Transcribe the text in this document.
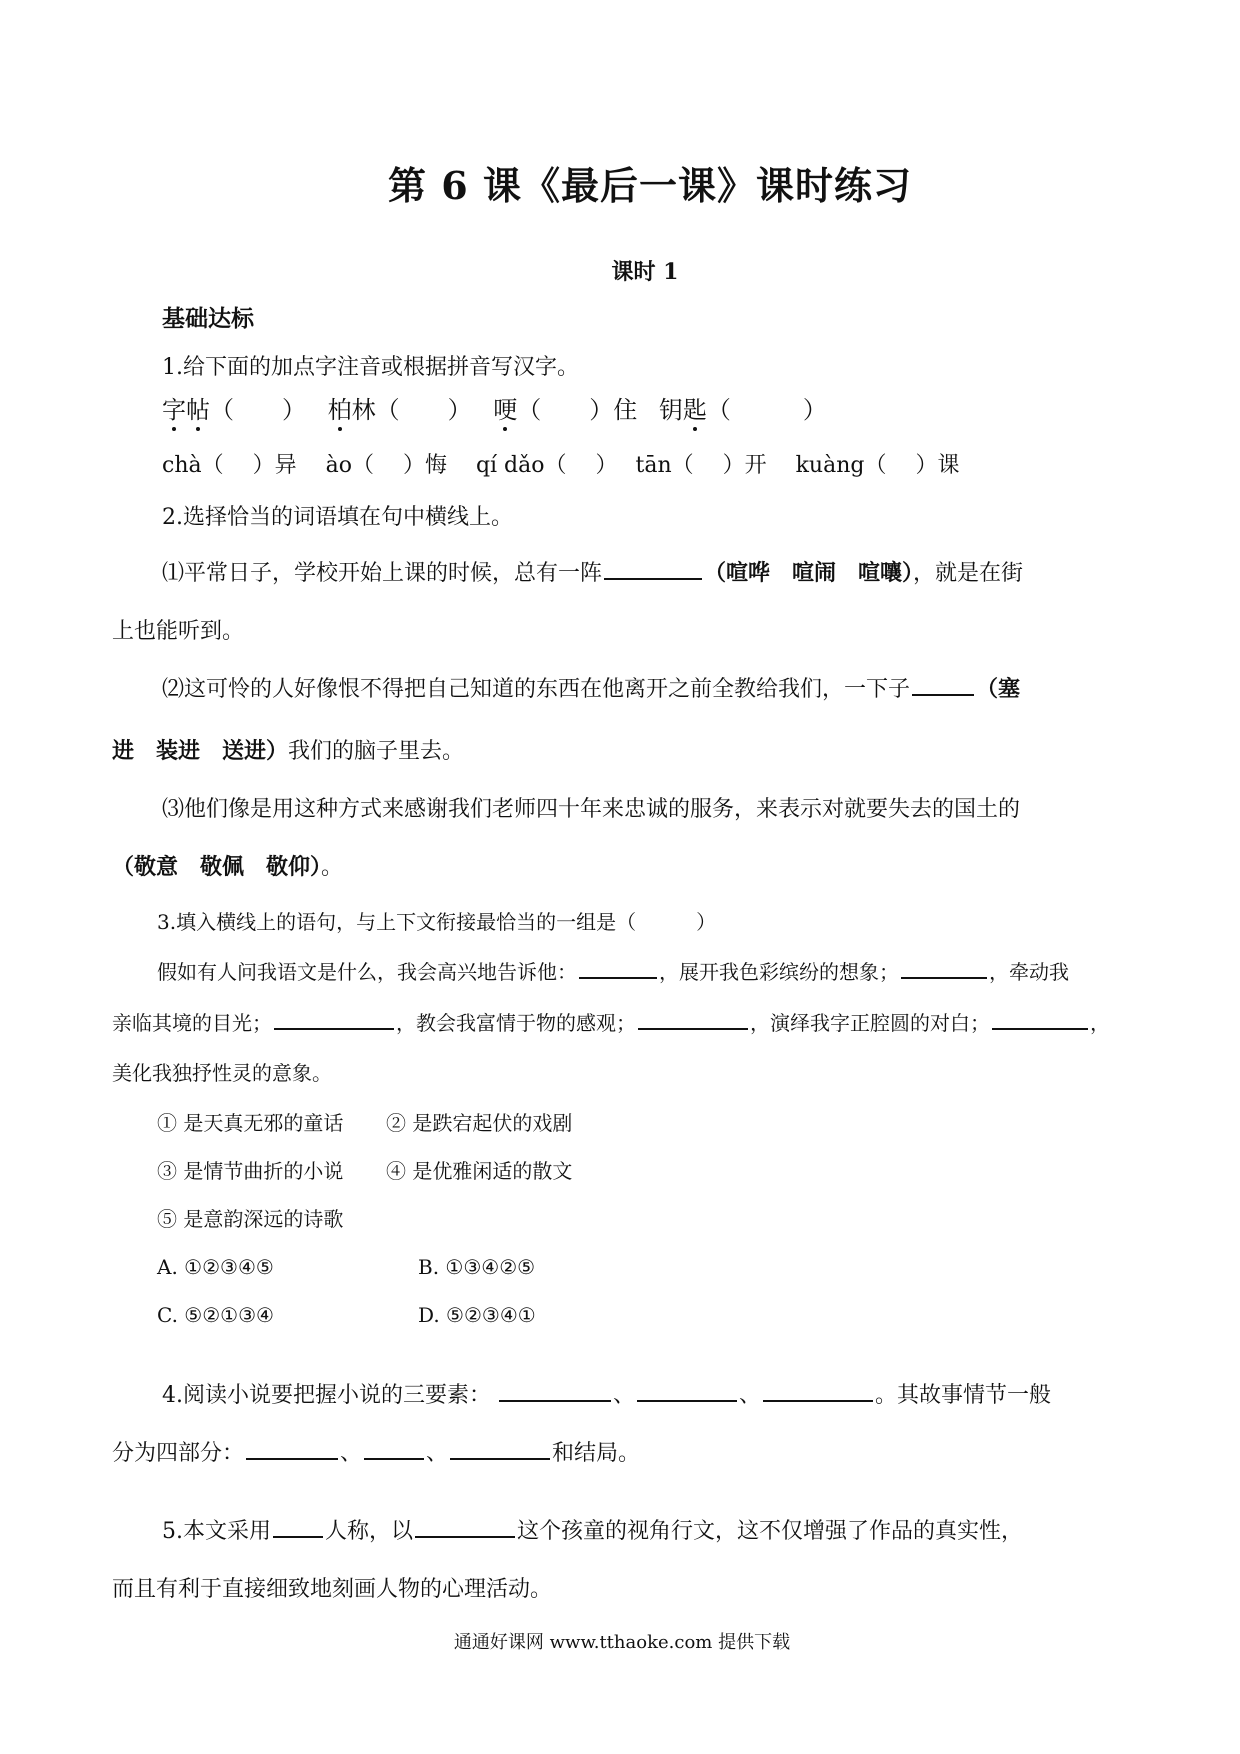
第 6 课《最后一课》课时练习
课时 1
基础达标
1.给下面的加点字注音或根据拼音写汉字。
字帖（　　） 柏林（　　） 哽（　　）住 钥匙（　　　）
chà（　 ）异　 ào（　 ）悔　 qí dǎo（　 ）　 tān（　 ）开　 kuàng（　 ）课
2.选择恰当的词语填在句中横线上。
⑴平常日子，学校开始上课的时候，总有一阵	（喧哗　喧闹　喧嚷），就是在街
上也能听到。
⑵这可怜的人好像恨不得把自己知道的东西在他离开之前全教给我们，一下子	（塞
进　装进　送进）我们的脑子里去。
⑶他们像是用这种方式来感谢我们老师四十年来忠诚的服务，来表示对就要失去的国土的
（敬意　敬佩　敬仰）。
3.填入横线上的语句，与上下文衔接最恰当的一组是（　　　）
假如有人问我语文是什么，我会高兴地告诉他：	，展开我色彩缤纷的想象；	，牵动我
亲临其境的目光；	，教会我富情于物的感观；	，演绎我字正腔圆的对白；	，
美化我独抒性灵的意象。
① 是天真无邪的童话 ② 是跌宕起伏的戏剧
③ 是情节曲折的小说 ④ 是优雅闲适的散文
⑤ 是意韵深远的诗歌
A. ①②③④⑤	B. ①③④②⑤
C. ⑤②①③④	D. ⑤②③④①
4.阅读小说要把握小说的三要素：	、	、	。其故事情节一般
分为四部分：	、	、	和结局。
5.本文采用 人称，以	这个孩童的视角行文，这不仅增强了作品的真实性，
而且有利于直接细致地刻画人物的心理活动。
通通好课网 www.tthaoke.com 提供下载
